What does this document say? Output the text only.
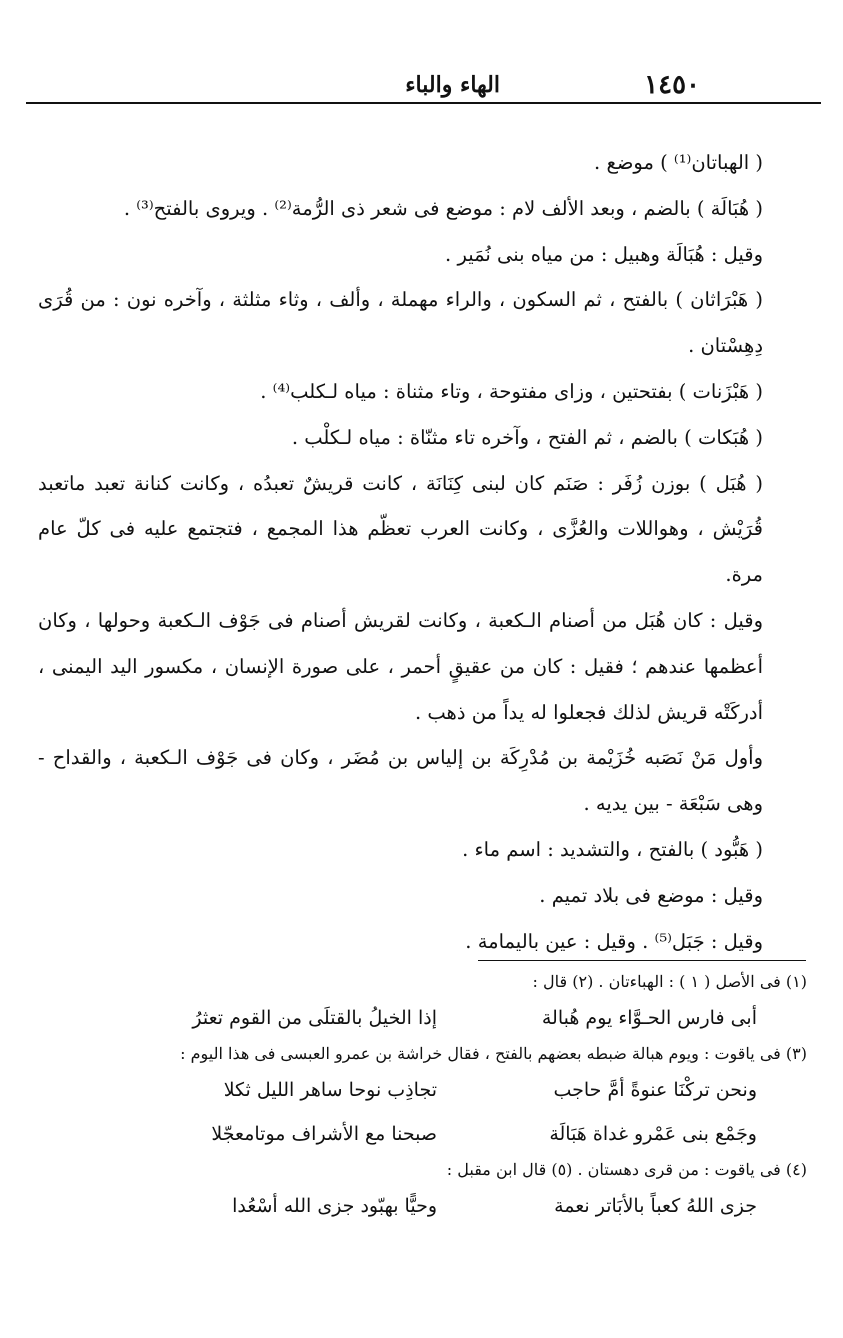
١٤٥٠
الهاء والباء

( الهباتان⁽¹⁾ ) موضع .

( هُبَالَة ) بالضم ، وبعد الألف لام : موضع فى شعر ذى الرُّمة⁽²⁾ . ويروى بالفتح⁽³⁾ .

وقيل : هُبَالَة وهبيل : من مياه بنى نُمَير .

( هَبْرَاثان ) بالفتح ، ثم السكون ، والراء مهملة ، وألف ، وثاء مثلثة ، وآخره نون : من قُرَى دِهِسْتان .

( هَبْزَنات ) بفتحتين ، وزاى مفتوحة ، وتاء مثناة : مياه لـكلب⁽⁴⁾ .

( هُبَكات ) بالضم ، ثم الفتح ، وآخره تاء مثنّاة : مياه لـكلْب .

( هُبَل ) بوزن زُفَر : صَنَم كان لبنى كِنَانَة ، كانت قريشٌ تعبدُه ، وكانت كنانة تعبد ماتعبد قُرَيْش ، وهواللات والعُزَّى ، وكانت العرب تعظّم هذا المجمع ، فتجتمع عليه فى كلّ عام مرة.

وقيل : كان هُبَل من أصنام الـكعبة ، وكانت لقريش أصنام فى جَوْف الـكعبة وحولها ، وكان أعظمها عندهم ؛ فقيل : كان من عقيقٍ أحمر ، على صورة الإنسان ، مكسور اليد اليمنى ، أدركَتْه قريش لذلك فجعلوا له يداً من ذهب .

وأول مَنْ نَصَبه خُزَيْمة بن مُدْرِكَة بن إلياس بن مُضَر ، وكان فى جَوْف الـكعبة ، والقداح - وهى سَبْعَة - بين يديه .

( هَبُّود ) بالفتح ، والتشديد : اسم ماء .

وقيل : موضع فى بلاد تميم .

وقيل : جَبَل⁽⁵⁾ . وقيل : عين باليمامة .

(١) فى الأصل ( ١ ) : الهباءتان . (٢) قال :

أبى فارس الحـوَّاء يوم هُبالة
إذا الخيلُ بالقتلَى من القوم تعثرُ

(٣) فى ياقوت : ويوم هبالة ضبطه بعضهم بالفتح ، فقال خراشة بن عمرو العبسى فى هذا اليوم :

ونحن تركْنَا عنوةً أمَّ حاجب
تجاذِب نوحا ساهر الليل ثكلا
وجَمْع بنى عَمْرو غداة هَبَالَة
صبحنا مع الأشراف موتامعجّلا

(٤) فى ياقوت : من قرى دهستان . (٥) قال ابن مقبل :

جزى اللهُ كعباً بالأبَاتر نعمة
وحيًّا بهبّود جزى الله أسْعُدا
